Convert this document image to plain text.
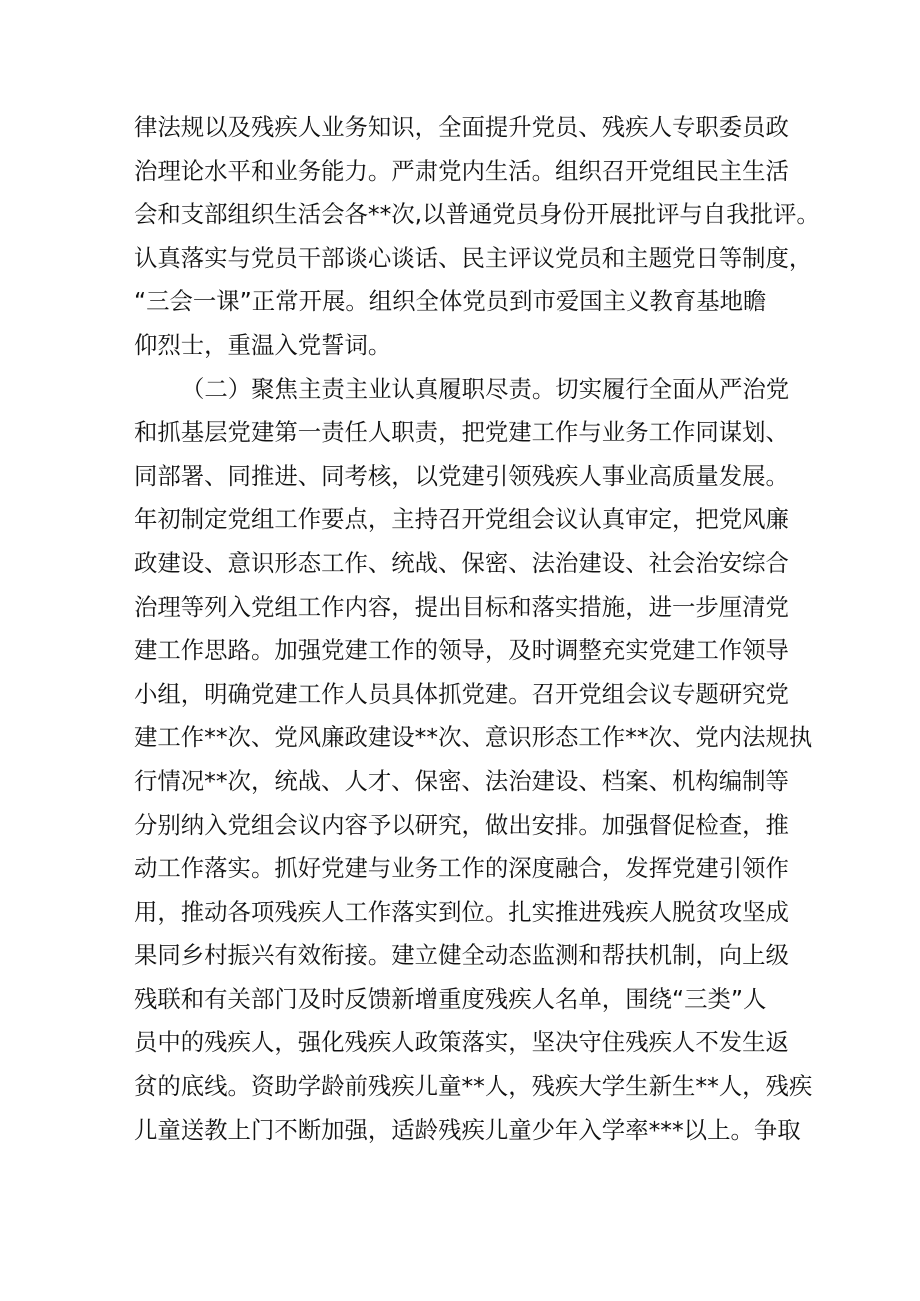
律法规以及残疾人业务知识，全面提升党员、残疾人专职委员政
治理论水平和业务能力。严肃党内生活。组织召开党组民主生活
会和支部组织生活会各**次,以普通党员身份开展批评与自我批评。
认真落实与党员干部谈心谈话、民主评议党员和主题党日等制度，
“三会一课”正常开展。组织全体党员到市爱国主义教育基地瞻
仰烈士，重温入党誓词。
（二）聚焦主责主业认真履职尽责。切实履行全面从严治党
和抓基层党建第一责任人职责，把党建工作与业务工作同谋划、
同部署、同推进、同考核，以党建引领残疾人事业高质量发展。
年初制定党组工作要点，主持召开党组会议认真审定，把党风廉
政建设、意识形态工作、统战、保密、法治建设、社会治安综合
治理等列入党组工作内容，提出目标和落实措施，进一步厘清党
建工作思路。加强党建工作的领导，及时调整充实党建工作领导
小组，明确党建工作人员具体抓党建。召开党组会议专题研究党
建工作**次、党风廉政建设**次、意识形态工作**次、党内法规执
行情况**次，统战、人才、保密、法治建设、档案、机构编制等
分别纳入党组会议内容予以研究，做出安排。加强督促检查，推
动工作落实。抓好党建与业务工作的深度融合，发挥党建引领作
用，推动各项残疾人工作落实到位。扎实推进残疾人脱贫攻坚成
果同乡村振兴有效衔接。建立健全动态监测和帮扶机制，向上级
残联和有关部门及时反馈新增重度残疾人名单，围绕“三类”人
员中的残疾人，强化残疾人政策落实，坚决守住残疾人不发生返
贫的底线。资助学龄前残疾儿童**人，残疾大学生新生**人，残疾
儿童送教上门不断加强，适龄残疾儿童少年入学率***以上。争取
